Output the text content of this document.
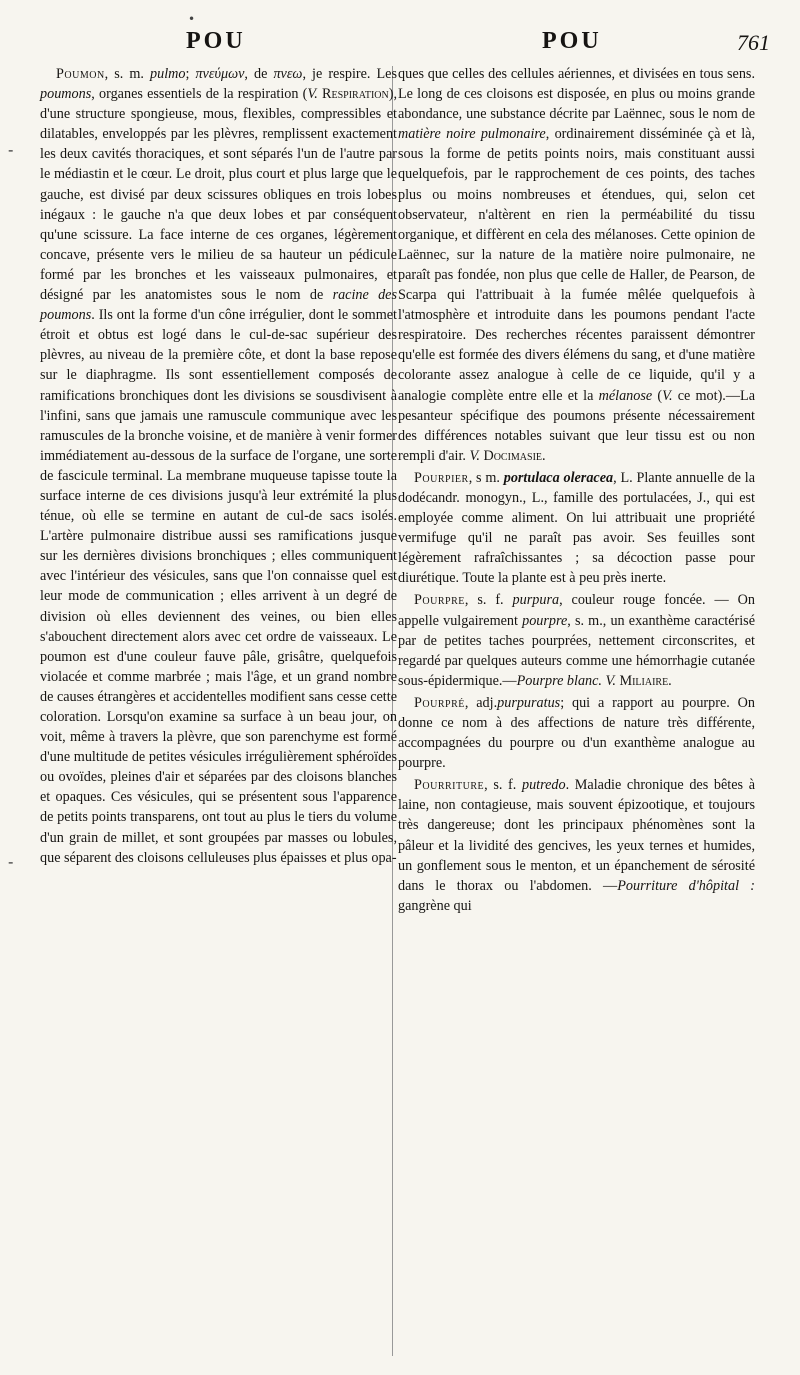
•
POU	POU	761
-
-

Poumon, s. m. pulmo; πνεύμων, de πνεω, je respire. Les poumons, organes essentiels de la respiration (V. Respiration), d'une structure spongieuse, mous, flexibles, compressibles et dilatables, enveloppés par les plèvres, remplissent exactement les deux cavités thoraciques, et sont séparés l'un de l'autre par le médiastin et le cœur. Le droit, plus court et plus large que le gauche, est divisé par deux scissures obliques en trois lobes inégaux : le gauche n'a que deux lobes et par conséquent qu'une scissure. La face interne de ces organes, légèrement concave, présente vers le milieu de sa hauteur un pédicule formé par les bronches et les vaisseaux pulmonaires, et désigné par les anatomistes sous le nom de racine des poumons. Ils ont la forme d'un cône irrégulier, dont le sommet étroit et obtus est logé dans le cul-de-sac supérieur des plèvres, au niveau de la première côte, et dont la base repose sur le diaphragme. Ils sont essentiellement composés de ramifications bronchiques dont les divisions se sousdivisent à l'infini, sans que jamais une ramuscule communique avec les ramuscules de la bronche voisine, et de manière à venir former immédiatement au-dessous de la surface de l'organe, une sorte de fascicule terminal. La membrane muqueuse tapisse toute la surface interne de ces divisions jusqu'à leur extrémité la plus ténue, où elle se termine en autant de cul-de sacs isolés. L'artère pulmonaire distribue aussi ses ramifications jusque sur les dernières divisions bronchiques ; elles communiquent avec l'intérieur des vésicules, sans que l'on connaisse quel est leur mode de communication ; elles arrivent à un degré de division où elles deviennent des veines, ou bien elles s'abouchent directement alors avec cet ordre de vaisseaux. Le poumon est d'une couleur fauve pâle, grisâtre, quelquefois violacée et comme marbrée ; mais l'âge, et un grand nombre de causes étrangères et accidentelles modifient sans cesse cette coloration. Lorsqu'on examine sa surface à un beau jour, on voit, même à travers la plèvre, que son parenchyme est formé d'une multitude de petites vésicules irrégulièrement sphéroïdes ou ovoïdes, pleines d'air et séparées par des cloisons blanches et opaques. Ces vésicules, qui se présentent sous l'apparence de petits points transparens, ont tout au plus le tiers du volume d'un grain de millet, et sont groupées par masses ou lobules, que séparent des cloisons celluleuses plus épaisses et plus opa-

ques que celles des cellules aériennes, et divisées en tous sens. Le long de ces cloisons est disposée, en plus ou moins grande abondance, une substance décrite par Laënnec, sous le nom de matière noire pulmonaire, ordinairement disséminée çà et là, sous la forme de petits points noirs, mais constituant aussi quelquefois, par le rapprochement de ces points, des taches plus ou moins nombreuses et étendues, qui, selon cet observateur, n'altèrent en rien la perméabilité du tissu organique, et diffèrent en cela des mélanoses. Cette opinion de Laënnec, sur la nature de la matière noire pulmonaire, ne paraît pas fondée, non plus que celle de Haller, de Pearson, de Scarpa qui l'attribuait à la fumée mêlée quelquefois à l'atmosphère et introduite dans les poumons pendant l'acte respiratoire. Des recherches récentes paraissent démontrer qu'elle est formée des divers élémens du sang, et d'une matière colorante assez analogue à celle de ce liquide, qu'il y a analogie complète entre elle et la mélanose (V. ce mot).—La pesanteur spécifique des poumons présente nécessairement des différences notables suivant que leur tissu est ou non rempli d'air. V. Docimasie.

Pourpier, s m. portulaca oleracea, L. Plante annuelle de la dodécandr. monogyn., L., famille des portulacées, J., qui est employée comme aliment. On lui attribuait une propriété vermifuge qu'il ne paraît pas avoir. Ses feuilles sont légèrement rafraîchissantes ; sa décoction passe pour diurétique. Toute la plante est à peu près inerte.

Pourpre, s. f. purpura, couleur rouge foncée. — On appelle vulgairement pourpre, s. m., un exanthème caractérisé par de petites taches pourprées, nettement circonscrites, et regardé par quelques auteurs comme une hémorrhagie cutanée sous-épidermique.—Pourpre blanc. V. Miliaire.

Pourpré, adj.purpuratus; qui a rapport au pourpre. On donne ce nom à des affections de nature très différente, accompagnées du pourpre ou d'un exanthème analogue au pourpre.

Pourriture, s. f. putredo. Maladie chronique des bêtes à laine, non contagieuse, mais souvent épizootique, et toujours très dangereuse; dont les principaux phénomènes sont la pâleur et la lividité des gencives, les yeux ternes et humides, un gonflement sous le menton, et un épanchement de sérosité dans le thorax ou l'abdomen. —Pourriture d'hôpital : gangrène qui
